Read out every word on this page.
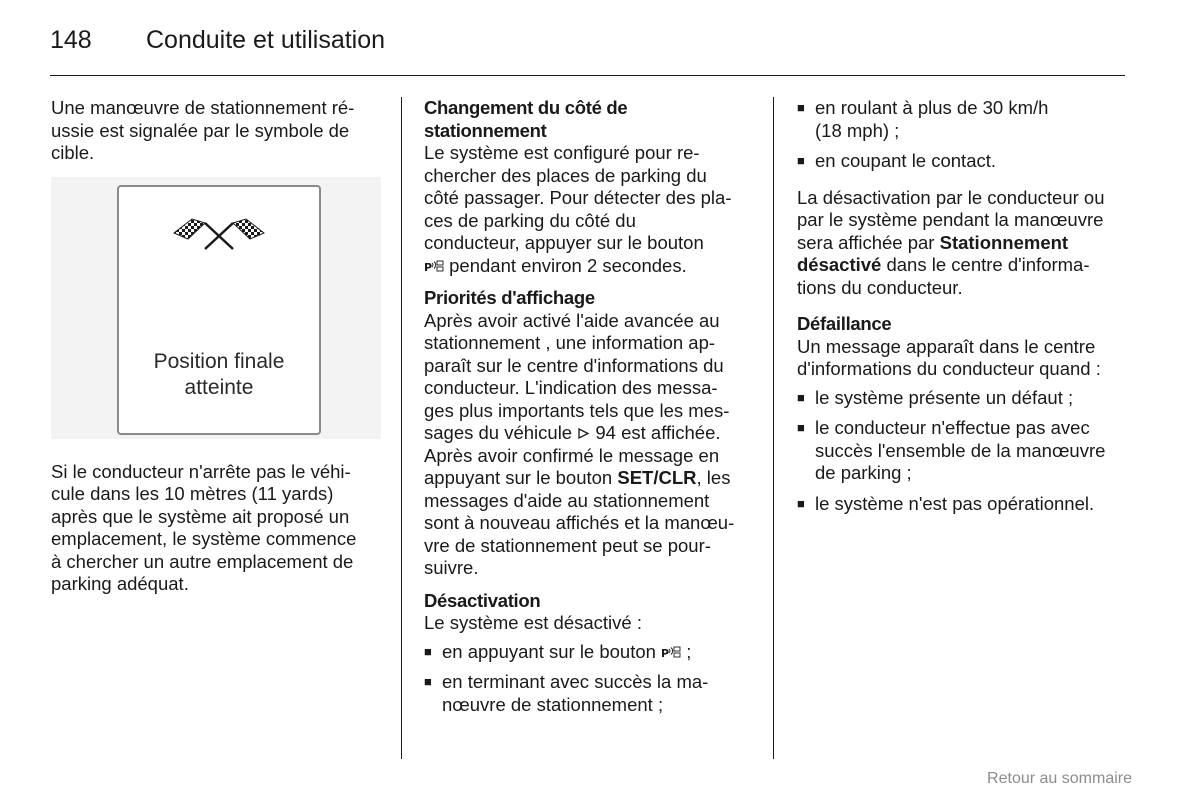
148 Conduite et utilisation

Une manœuvre de stationnement ré-
ussie est signalée par le symbole de
cible.

Position finale
atteinte

Si le conducteur n'arrête pas le véhi-
cule dans les 10 mètres (11 yards)
après que le système ait proposé un
emplacement, le système commence
à chercher un autre emplacement de
parking adéquat.

Changement du côté de
stationnement

Le système est configuré pour re-
chercher des places de parking du
côté passager. Pour détecter des pla-
ces de parking du côté du
conducteur, appuyer sur le bouton

P pendant environ 2 secondes.

Priorités d'affichage

Après avoir activé l'aide avancée au
stationnement , une information ap-
paraît sur le centre d'informations du
conducteur. L'indication des messa-
ges plus importants tels que les mes-
sages du véhicule  94 est affichée.
Après avoir confirmé le message en
appuyant sur le bouton SET/CLR, les
messages d'aide au stationnement
sont à nouveau affichés et la manœu-
vre de stationnement peut se pour-
suivre.

Désactivation

Le système est désactivé :

■ en appuyant sur le bouton P ;
■ en terminant avec succès la ma-
nœuvre de stationnement ;
■ en roulant à plus de 30 km/h
(18 mph) ;
■ en coupant le contact.

La désactivation par le conducteur ou
par le système pendant la manœuvre
sera affichée par Stationnement
désactivé dans le centre d'informa-
tions du conducteur.

Défaillance

Un message apparaît dans le centre
d'informations du conducteur quand :

■ le système présente un défaut ;
■ le conducteur n'effectue pas avec
succès l'ensemble de la manœuvre
de parking ;
■ le système n'est pas opérationnel.
Retour au sommaire
